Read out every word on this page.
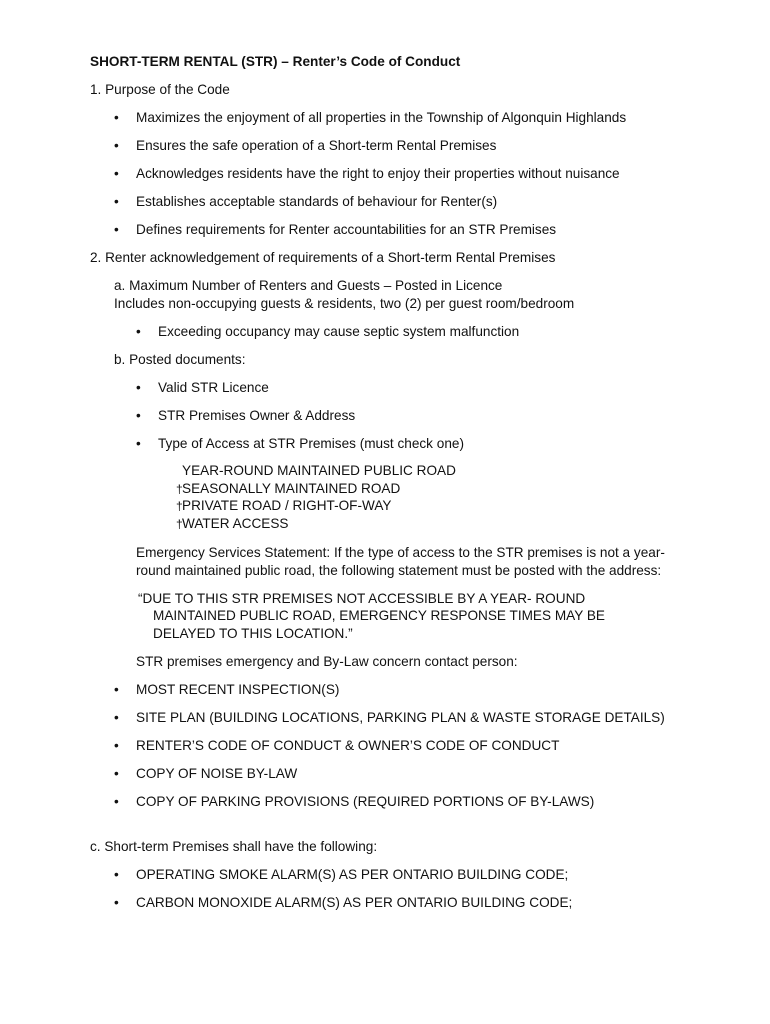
SHORT-TERM RENTAL (STR) – Renter’s Code of Conduct
1. Purpose of the Code
•	Maximizes the enjoyment of all properties in the Township of Algonquin Highlands
•	Ensures the safe operation of a Short-term Rental Premises
•	Acknowledges residents have the right to enjoy their properties without nuisance
•	Establishes acceptable standards of behaviour for Renter(s)
•	Defines requirements for Renter accountabilities for an STR Premises
2. Renter acknowledgement of requirements of a Short-term Rental Premises
a. Maximum Number of Renters and Guests – Posted in Licence
Includes non-occupying guests & residents, two (2) per guest room/bedroom
•	Exceeding occupancy may cause septic system malfunction
b. Posted documents:
•	Valid STR Licence
•	STR Premises Owner & Address
•	Type of Access at STR Premises (must check one)
YEAR-ROUND MAINTAINED PUBLIC ROAD
†SEASONALLY MAINTAINED ROAD
†PRIVATE ROAD / RIGHT-OF-WAY
†WATER ACCESS
Emergency Services Statement: If the type of access to the STR premises is not a year-
round maintained public road, the following statement must be posted with the address:
“DUE TO THIS STR PREMISES NOT ACCESSIBLE BY A YEAR- ROUND
MAINTAINED PUBLIC ROAD, EMERGENCY RESPONSE TIMES MAY BE
DELAYED TO THIS LOCATION.”
STR premises emergency and By-Law concern contact person:
•	MOST RECENT INSPECTION(S)
•	SITE PLAN (BUILDING LOCATIONS, PARKING PLAN & WASTE STORAGE DETAILS)
•	RENTER’S CODE OF CONDUCT & OWNER’S CODE OF CONDUCT
•	COPY OF NOISE BY-LAW
•	COPY OF PARKING PROVISIONS (REQUIRED PORTIONS OF BY-LAWS)
c. Short-term Premises shall have the following:
•	OPERATING SMOKE ALARM(S) AS PER ONTARIO BUILDING CODE;
•	CARBON MONOXIDE ALARM(S) AS PER ONTARIO BUILDING CODE;
